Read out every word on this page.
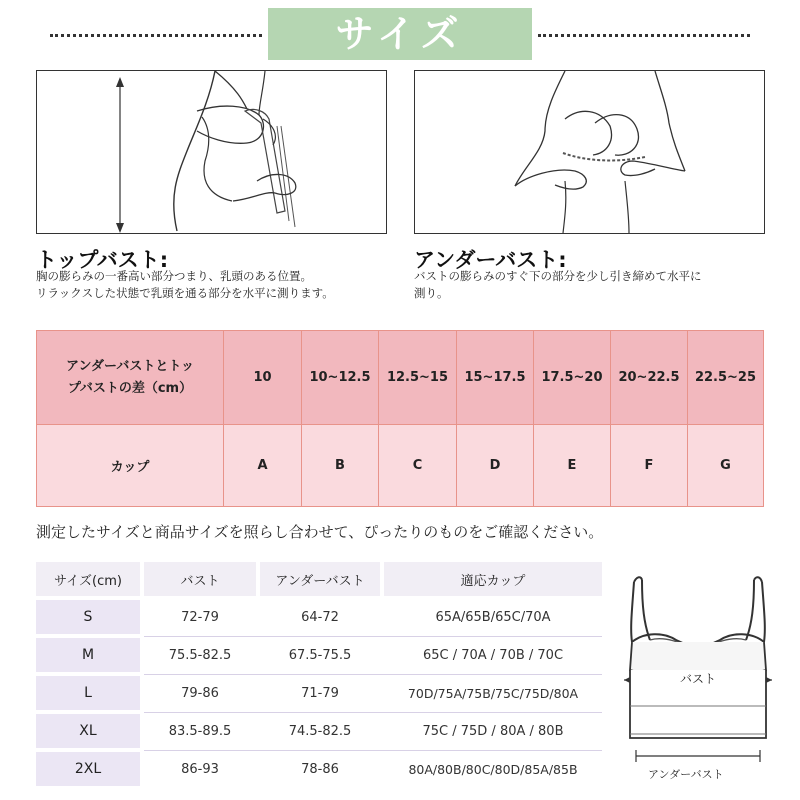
サイズ
トップバスト:
胸の膨らみの一番高い部分つまり、乳頭のある位置。
リラックスした状態で乳頭を通る部分を水平に測ります。
アンダーバスト:
バストの膨らみのすぐ下の部分を少し引き締めて水平に
測り。
アンダーバストとトッ
プバストの差（cm）	10	10~12.5	12.5~15	15~17.5	17.5~20	20~22.5	22.5~25
カップ	A	B	C	D	E	F	G
測定したサイズと商品サイズを照らし合わせて、ぴったりのものをご確認ください。
サイズ(cm)	バスト	アンダーバスト	適応カップ
S	72-79	64-72	65A/65B/65C/70A
M	75.5-82.5	67.5-75.5	65C / 70A / 70B / 70C
L	79-86	71-79	70D/75A/75B/75C/75D/80A
XL	83.5-89.5	74.5-82.5	75C / 75D / 80A / 80B
2XL	86-93	78-86	80A/80B/80C/80D/85A/85B
バスト
アンダーバスト
